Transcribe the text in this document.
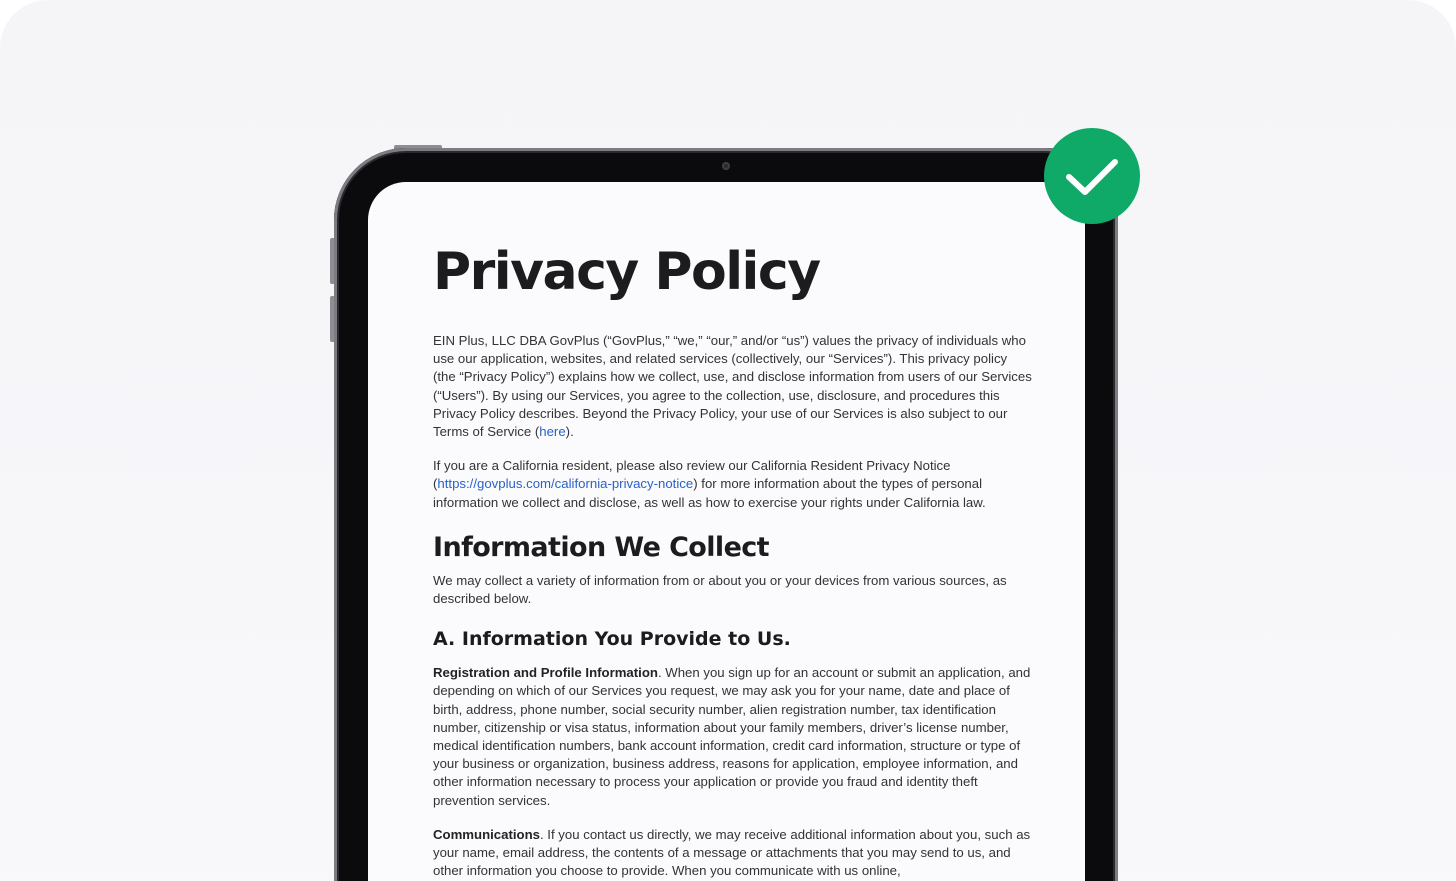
Privacy Policy

EIN Plus, LLC DBA GovPlus (“GovPlus,” “we,” “our,” and/or “us”) values the privacy of individuals who use our application, websites, and related services (collectively, our “Services”). This privacy policy (the “Privacy Policy”) explains how we collect, use, and disclose information from users of our Services (“Users”). By using our Services, you agree to the collection, use, disclosure, and procedures this Privacy Policy describes. Beyond the Privacy Policy, your use of our Services is also subject to our Terms of Service (here).

If you are a California resident, please also review our California Resident Privacy Notice (https://govplus.com/california-privacy-notice) for more information about the types of personal information we collect and disclose, as well as how to exercise your rights under California law.

Information We Collect

We may collect a variety of information from or about you or your devices from various sources, as described below.

A. Information You Provide to Us.

Registration and Profile Information. When you sign up for an account or submit an application, and depending on which of our Services you request, we may ask you for your name, date and place of birth, address, phone number, social security number, alien registration number, tax identification number, citizenship or visa status, information about your family members, driver’s license number, medical identification numbers, bank account information, credit card information, structure or type of your business or organization, business address, reasons for application, employee information, and other information necessary to process your application or provide you fraud and identity theft prevention services.

Communications. If you contact us directly, we may receive additional information about you, such as your name, email address, the contents of a message or attachments that you may send to us, and other information you choose to provide. When you communicate with us online,
